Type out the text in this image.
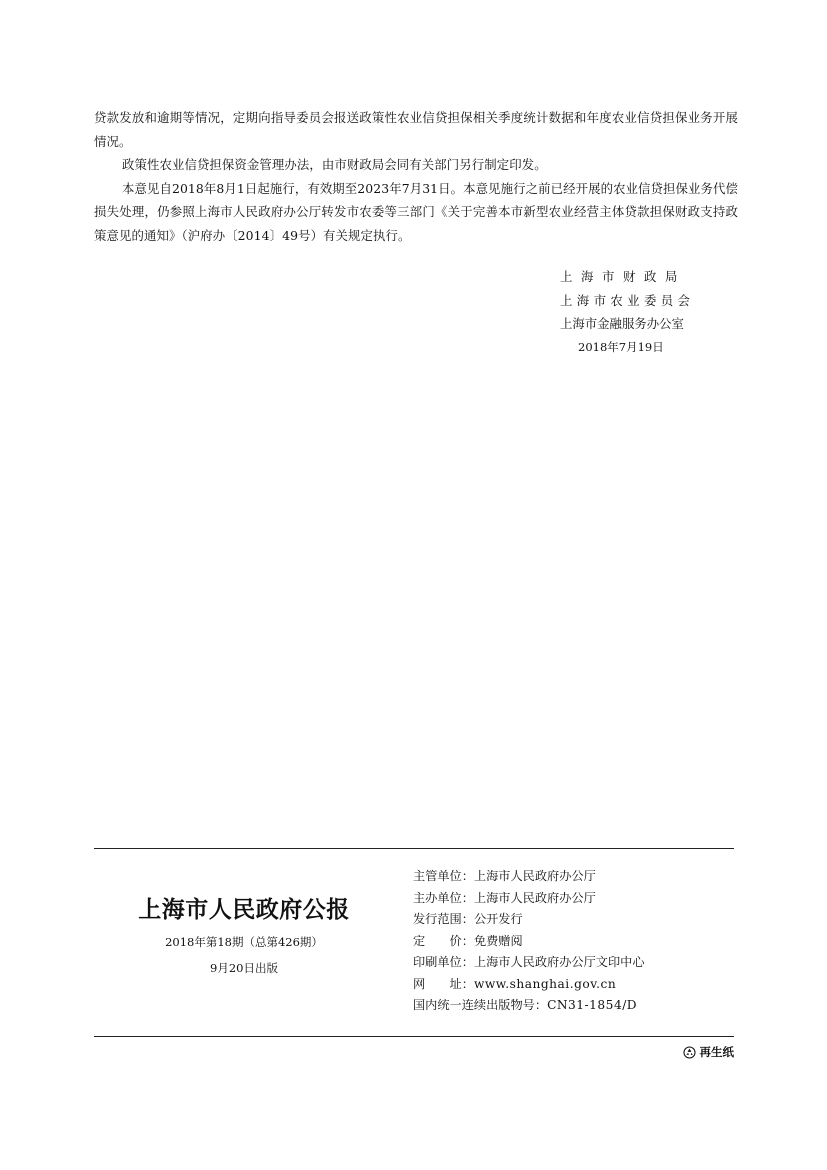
贷款发放和逾期等情况，定期向指导委员会报送政策性农业信贷担保相关季度统计数据和年度农业信贷担保业务开展情况。

政策性农业信贷担保资金管理办法，由市财政局会同有关部门另行制定印发。

本意见自2018年8月1日起施行，有效期至2023年7月31日。本意见施行之前已经开展的农业信贷担保业务代偿损失处理，仍参照上海市人民政府办公厅转发市农委等三部门《关于完善本市新型农业经营主体贷款担保财政支持政策意见的通知》（沪府办〔2014〕49号）有关规定执行。

上海市财政局
上海市农业委员会
上海市金融服务办公室
2018年7月19日
上海市人民政府公报
2018年第18期（总第426期）
9月20日出版
主管单位：上海市人民政府办公厅
主办单位：上海市人民政府办公厅
发行范围：公开发行
定　　价：免费赠阅
印刷单位：上海市人民政府办公厅文印中心
网　　址：www.shanghai.gov.cn
国内统一连续出版物号：CN31-1854/D
再生纸
